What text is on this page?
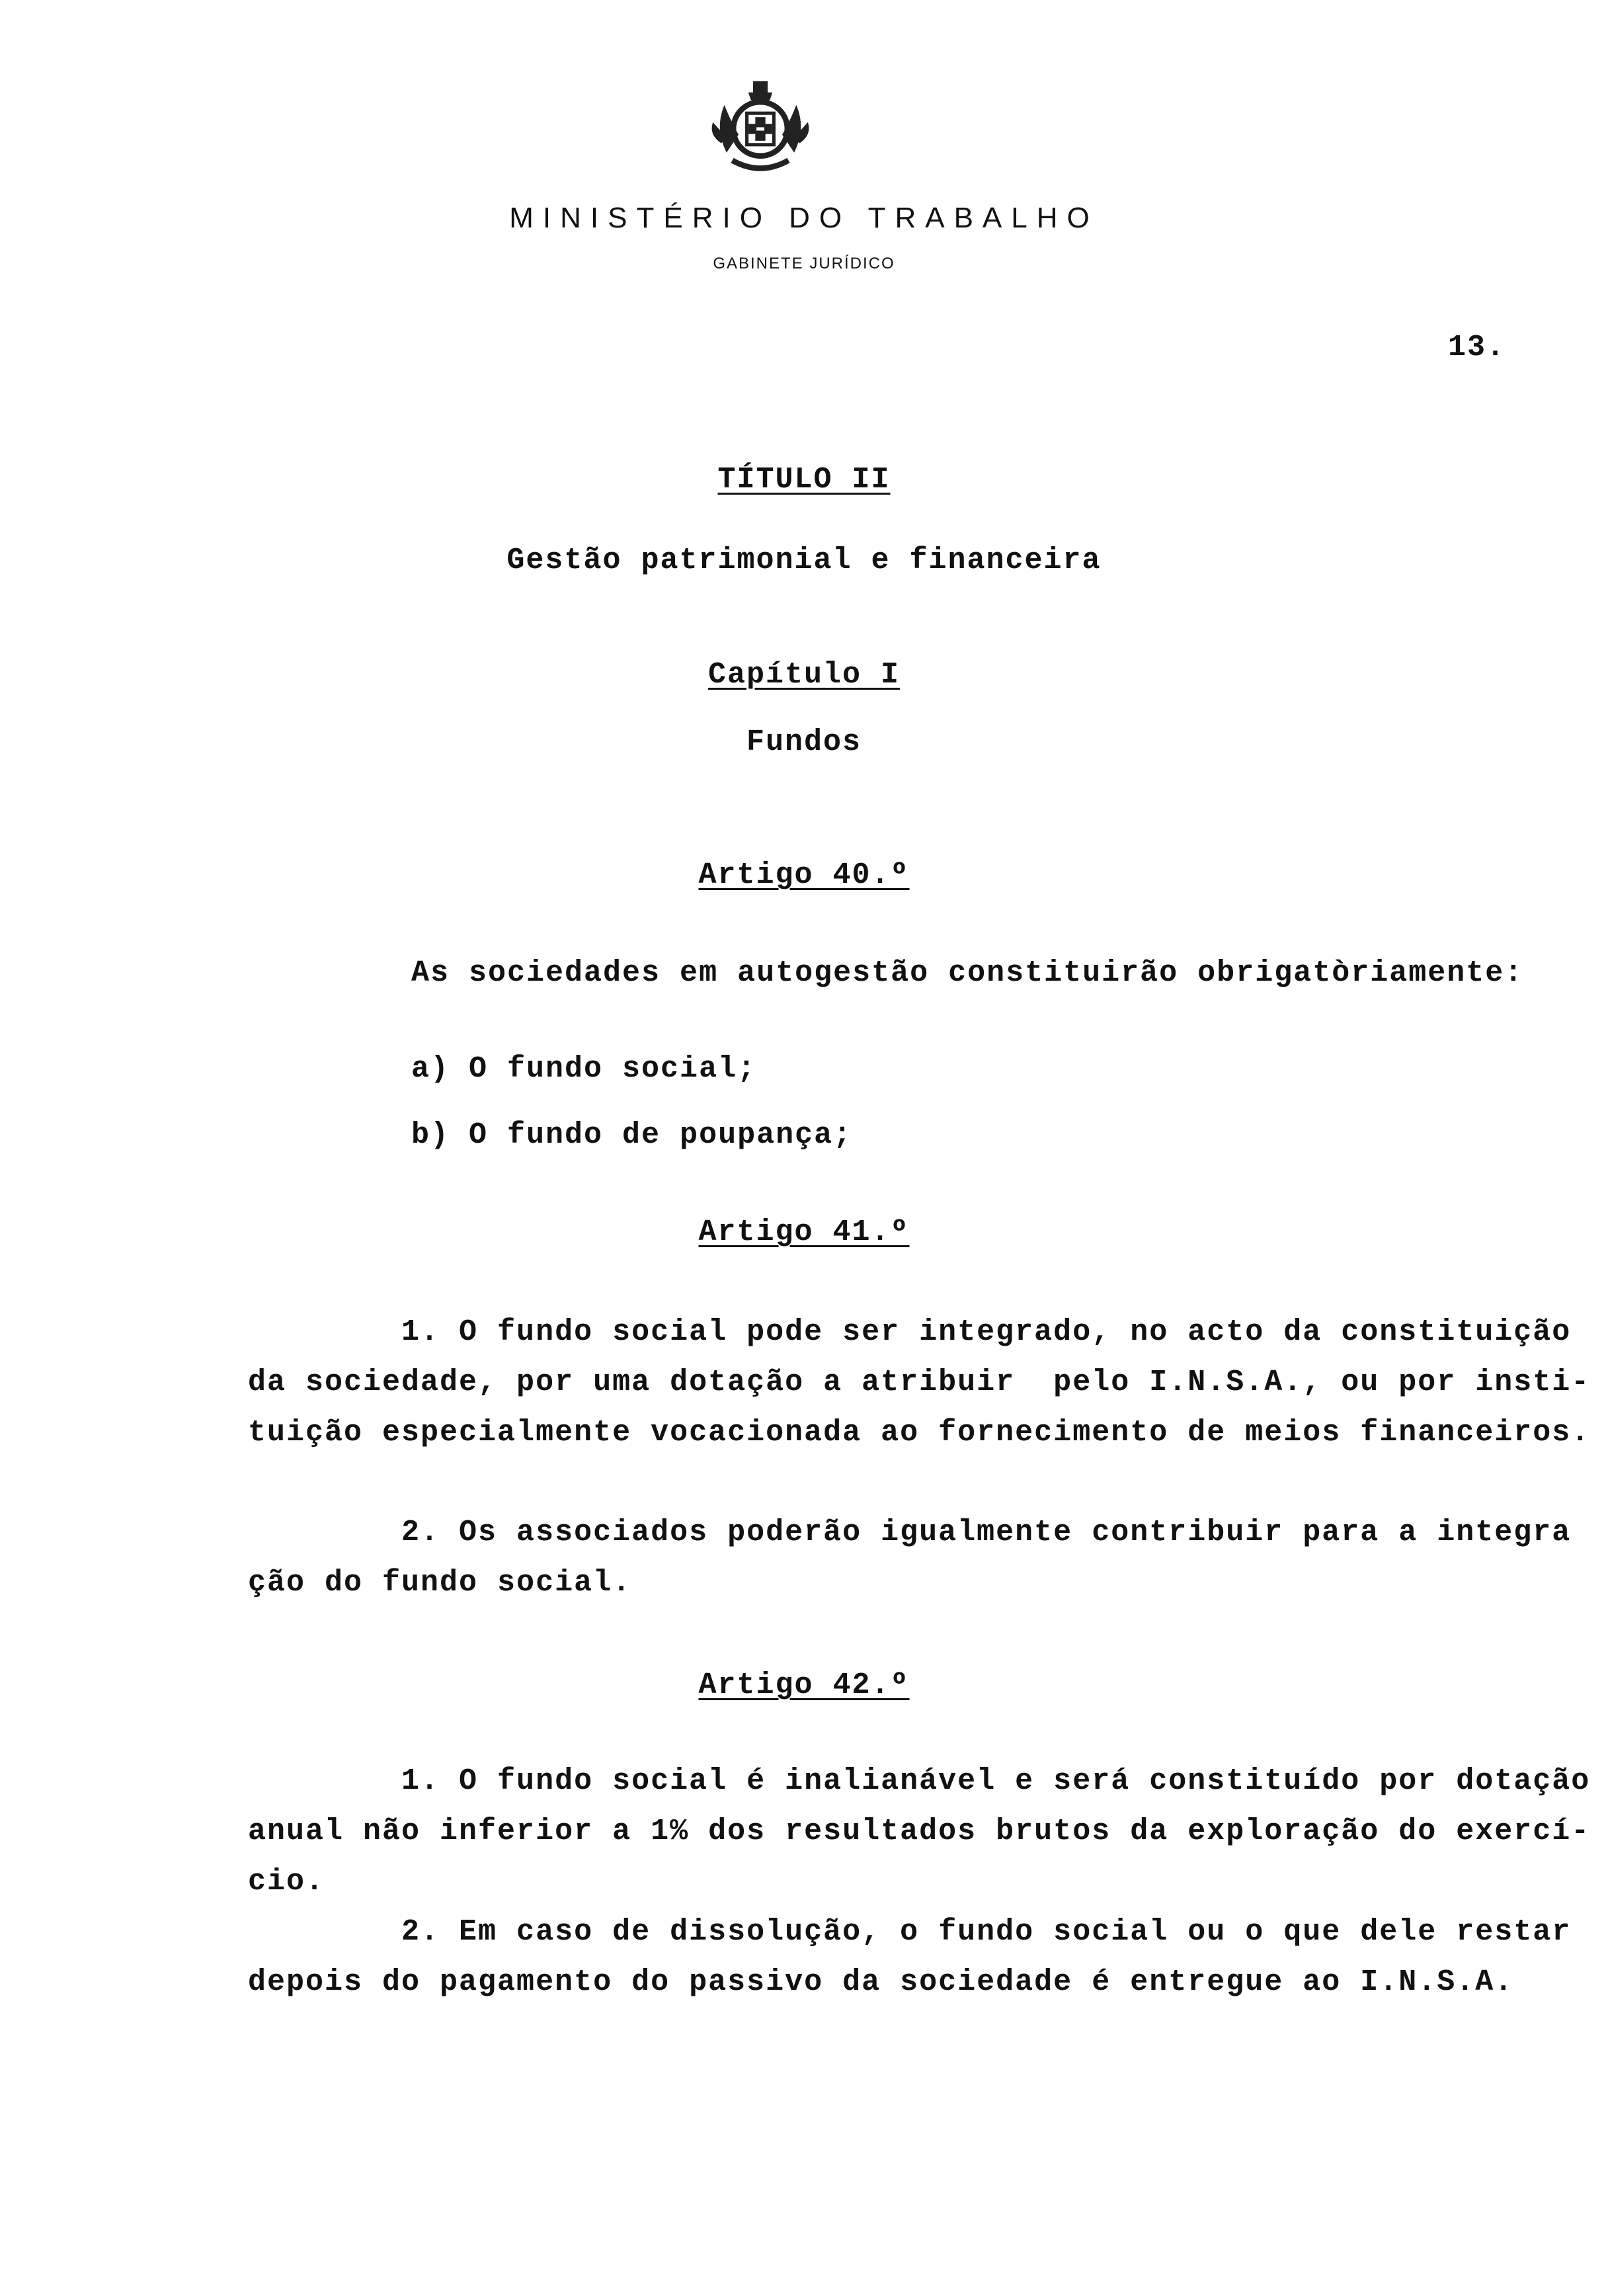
MINISTÉRIO DO TRABALHO
GABINETE JURÍDICO
13.
TÍTULO II
Gestão patrimonial e financeira
Capítulo I
Fundos
Artigo 40.º
As sociedades em autogestão constituirão obrigatòriamente:
a) O fundo social;
b) O fundo de poupança;
Artigo 41.º
1. O fundo social pode ser integrado, no acto da constituição
da sociedade, por uma dotação a atribuir  pelo I.N.S.A., ou por insti-
tuição especialmente vocacionada ao fornecimento de meios financeiros.
2. Os associados poderão igualmente contribuir para a integra
ção do fundo social.
Artigo 42.º
1. O fundo social é inalianável e será constituído por dotação
anual não inferior a 1% dos resultados brutos da exploração do exercí-
cio.
2. Em caso de dissolução, o fundo social ou o que dele restar
depois do pagamento do passivo da sociedade é entregue ao I.N.S.A.
